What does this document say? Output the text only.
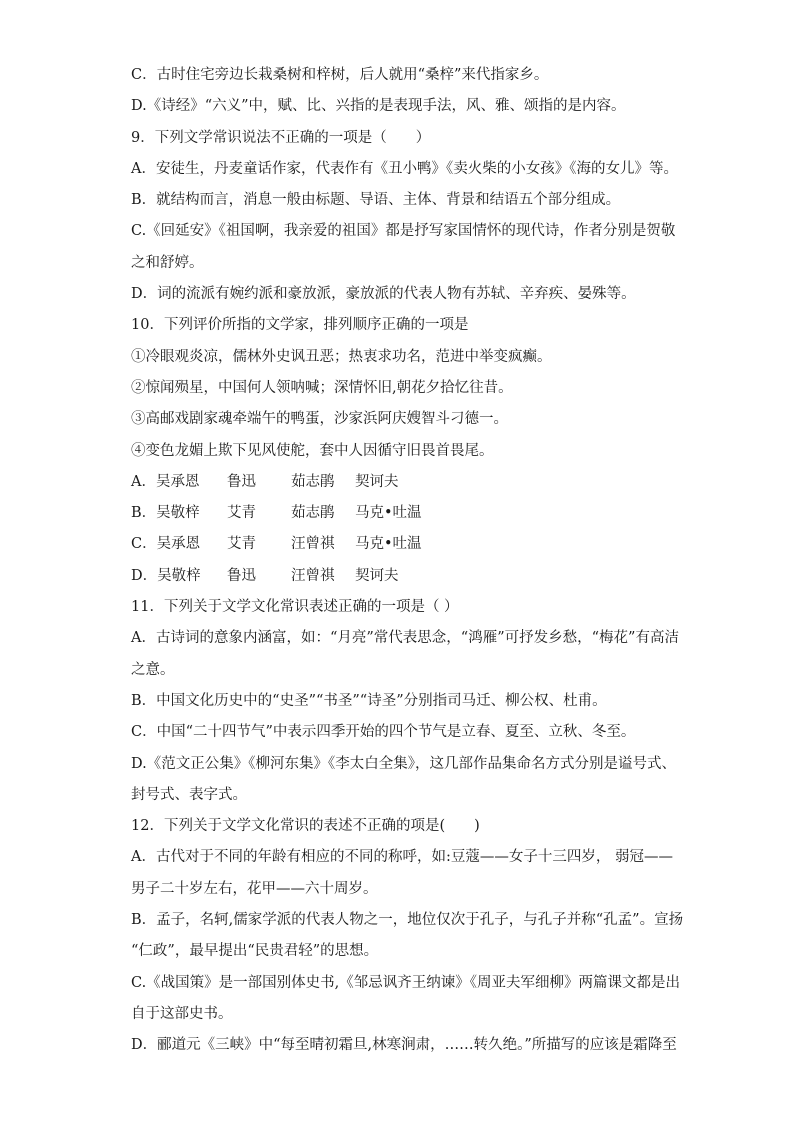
C．古时住宅旁边长栽桑树和梓树，后人就用“桑梓”来代指家乡。
D.《诗经》“六义”中，赋、比、兴指的是表现手法，风、雅、颂指的是内容。
9．下列文学常识说法不正确的一项是（　　）
A．安徒生，丹麦童话作家，代表作有《丑小鸭》《卖火柴的小女孩》《海的女儿》等。
B．就结构而言，消息一般由标题、导语、主体、背景和结语五个部分组成。
C.《回延安》《祖国啊，我亲爱的祖国》都是抒写家国情怀的现代诗，作者分别是贺敬
之和舒婷。
D．词的流派有婉约派和豪放派，豪放派的代表人物有苏轼、辛弃疾、晏殊等。
10．下列评价所指的文学家，排列顺序正确的一项是
①冷眼观炎凉，儒林外史讽丑恶；热衷求功名，范进中举变疯癫。
②惊闻殒星，中国何人领呐喊；深情怀旧,朝花夕拾忆往昔。
③高邮戏剧家魂牵端午的鸭蛋，沙家浜阿庆嫂智斗刁德一。
④变色龙媚上欺下见风使舵，套中人因循守旧畏首畏尾。
A．吴承恩 鲁迅 茹志鹃 契诃夫
B．吴敬梓 艾青 茹志鹃 马克•吐温
C．吴承恩 艾青 汪曾祺 马克•吐温
D．吴敬梓 鲁迅 汪曾祺 契诃夫
11．下列关于文学文化常识表述正确的一项是（ ）
A．古诗词的意象内涵富，如：“月亮”常代表思念，“鸿雁”可抒发乡愁，“梅花”有高洁
之意。
B．中国文化历史中的“史圣”“书圣”“诗圣”分别指司马迁、柳公权、杜甫。
C．中国“二十四节气”中表示四季开始的四个节气是立春、夏至、立秋、冬至。
D.《范文正公集》《柳河东集》《李太白全集》，这几部作品集命名方式分别是谥号式、
封号式、表字式。
12．下列关于文学文化常识的表述不正确的项是(　　)
A．古代对于不同的年龄有相应的不同的称呼，如:豆蔻——女子十三四岁， 弱冠——
男子二十岁左右，花甲——六十周岁。
B．孟子，名轲,儒家学派的代表人物之一，地位仅次于孔子，与孔子并称“孔孟”。宣扬
“仁政”，最早提出“民贵君轻”的思想。
C.《战国策》是一部国别体史书,《邹忌讽齐王纳谏》《周亚夫军细柳》两篇课文都是出
自于这部史书。
D．郦道元《三峡》中“每至晴初霜旦,林寒涧肃，……转久绝。”所描写的应该是霜降至
